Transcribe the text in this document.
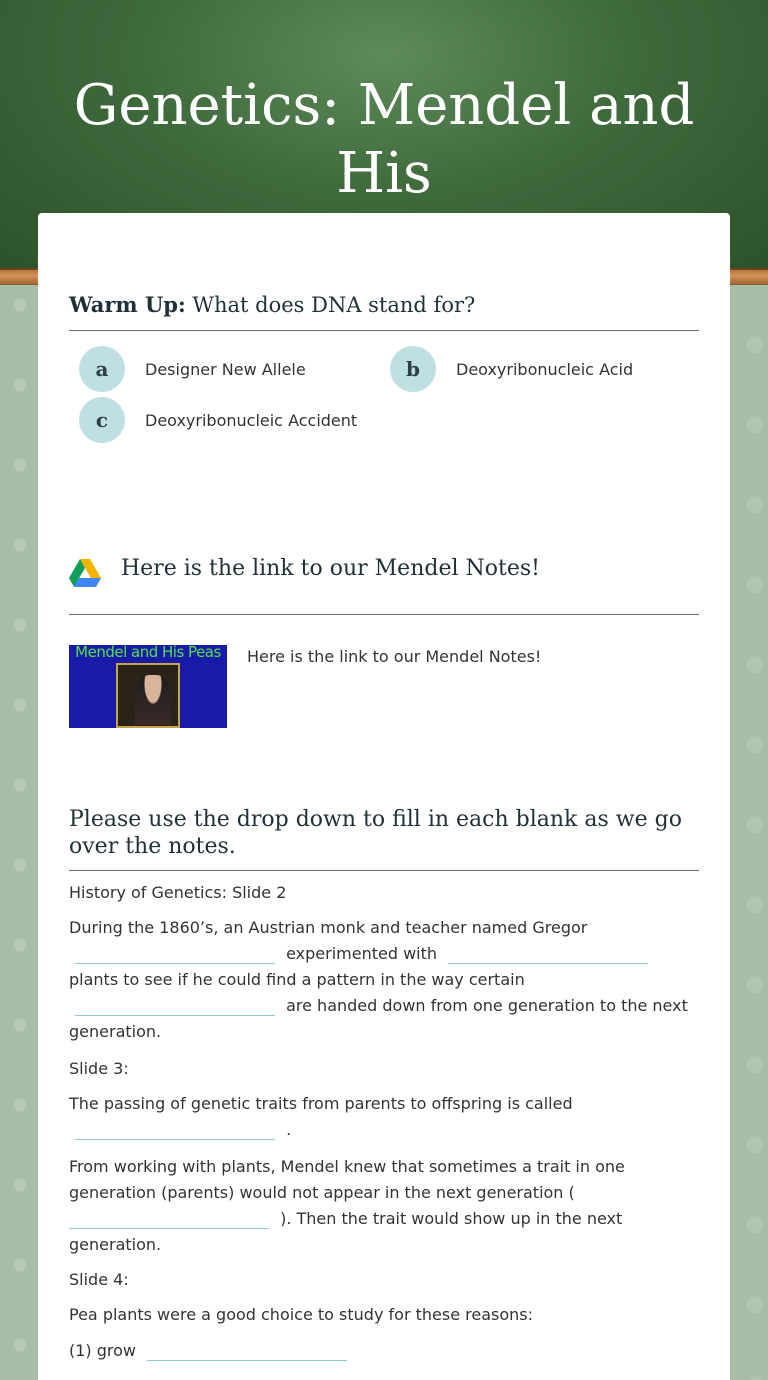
Genetics: Mendel and His
Warm Up: What does DNA stand for?
a	Designer New Allele	b	Deoxyribonucleic Acid
c	Deoxyribonucleic Accident
Here is the link to our Mendel Notes!
Mendel and His Peas	Here is the link to our Mendel Notes!
Please use the drop down to fill in each blank as we go over the notes.
History of Genetics: Slide 2
During the 1860’s, an Austrian monk and teacher named Gregor
experimented with
plants to see if he could find a pattern in the way certain
are handed down from one generation to the next
generation.
Slide 3:
The passing of genetic traits from parents to offspring is called
.
From working with plants, Mendel knew that sometimes a trait in one
generation (parents) would not appear in the next generation (
). Then the trait would show up in the next
generation.
Slide 4:
Pea plants were a good choice to study for these reasons:
(1) grow
